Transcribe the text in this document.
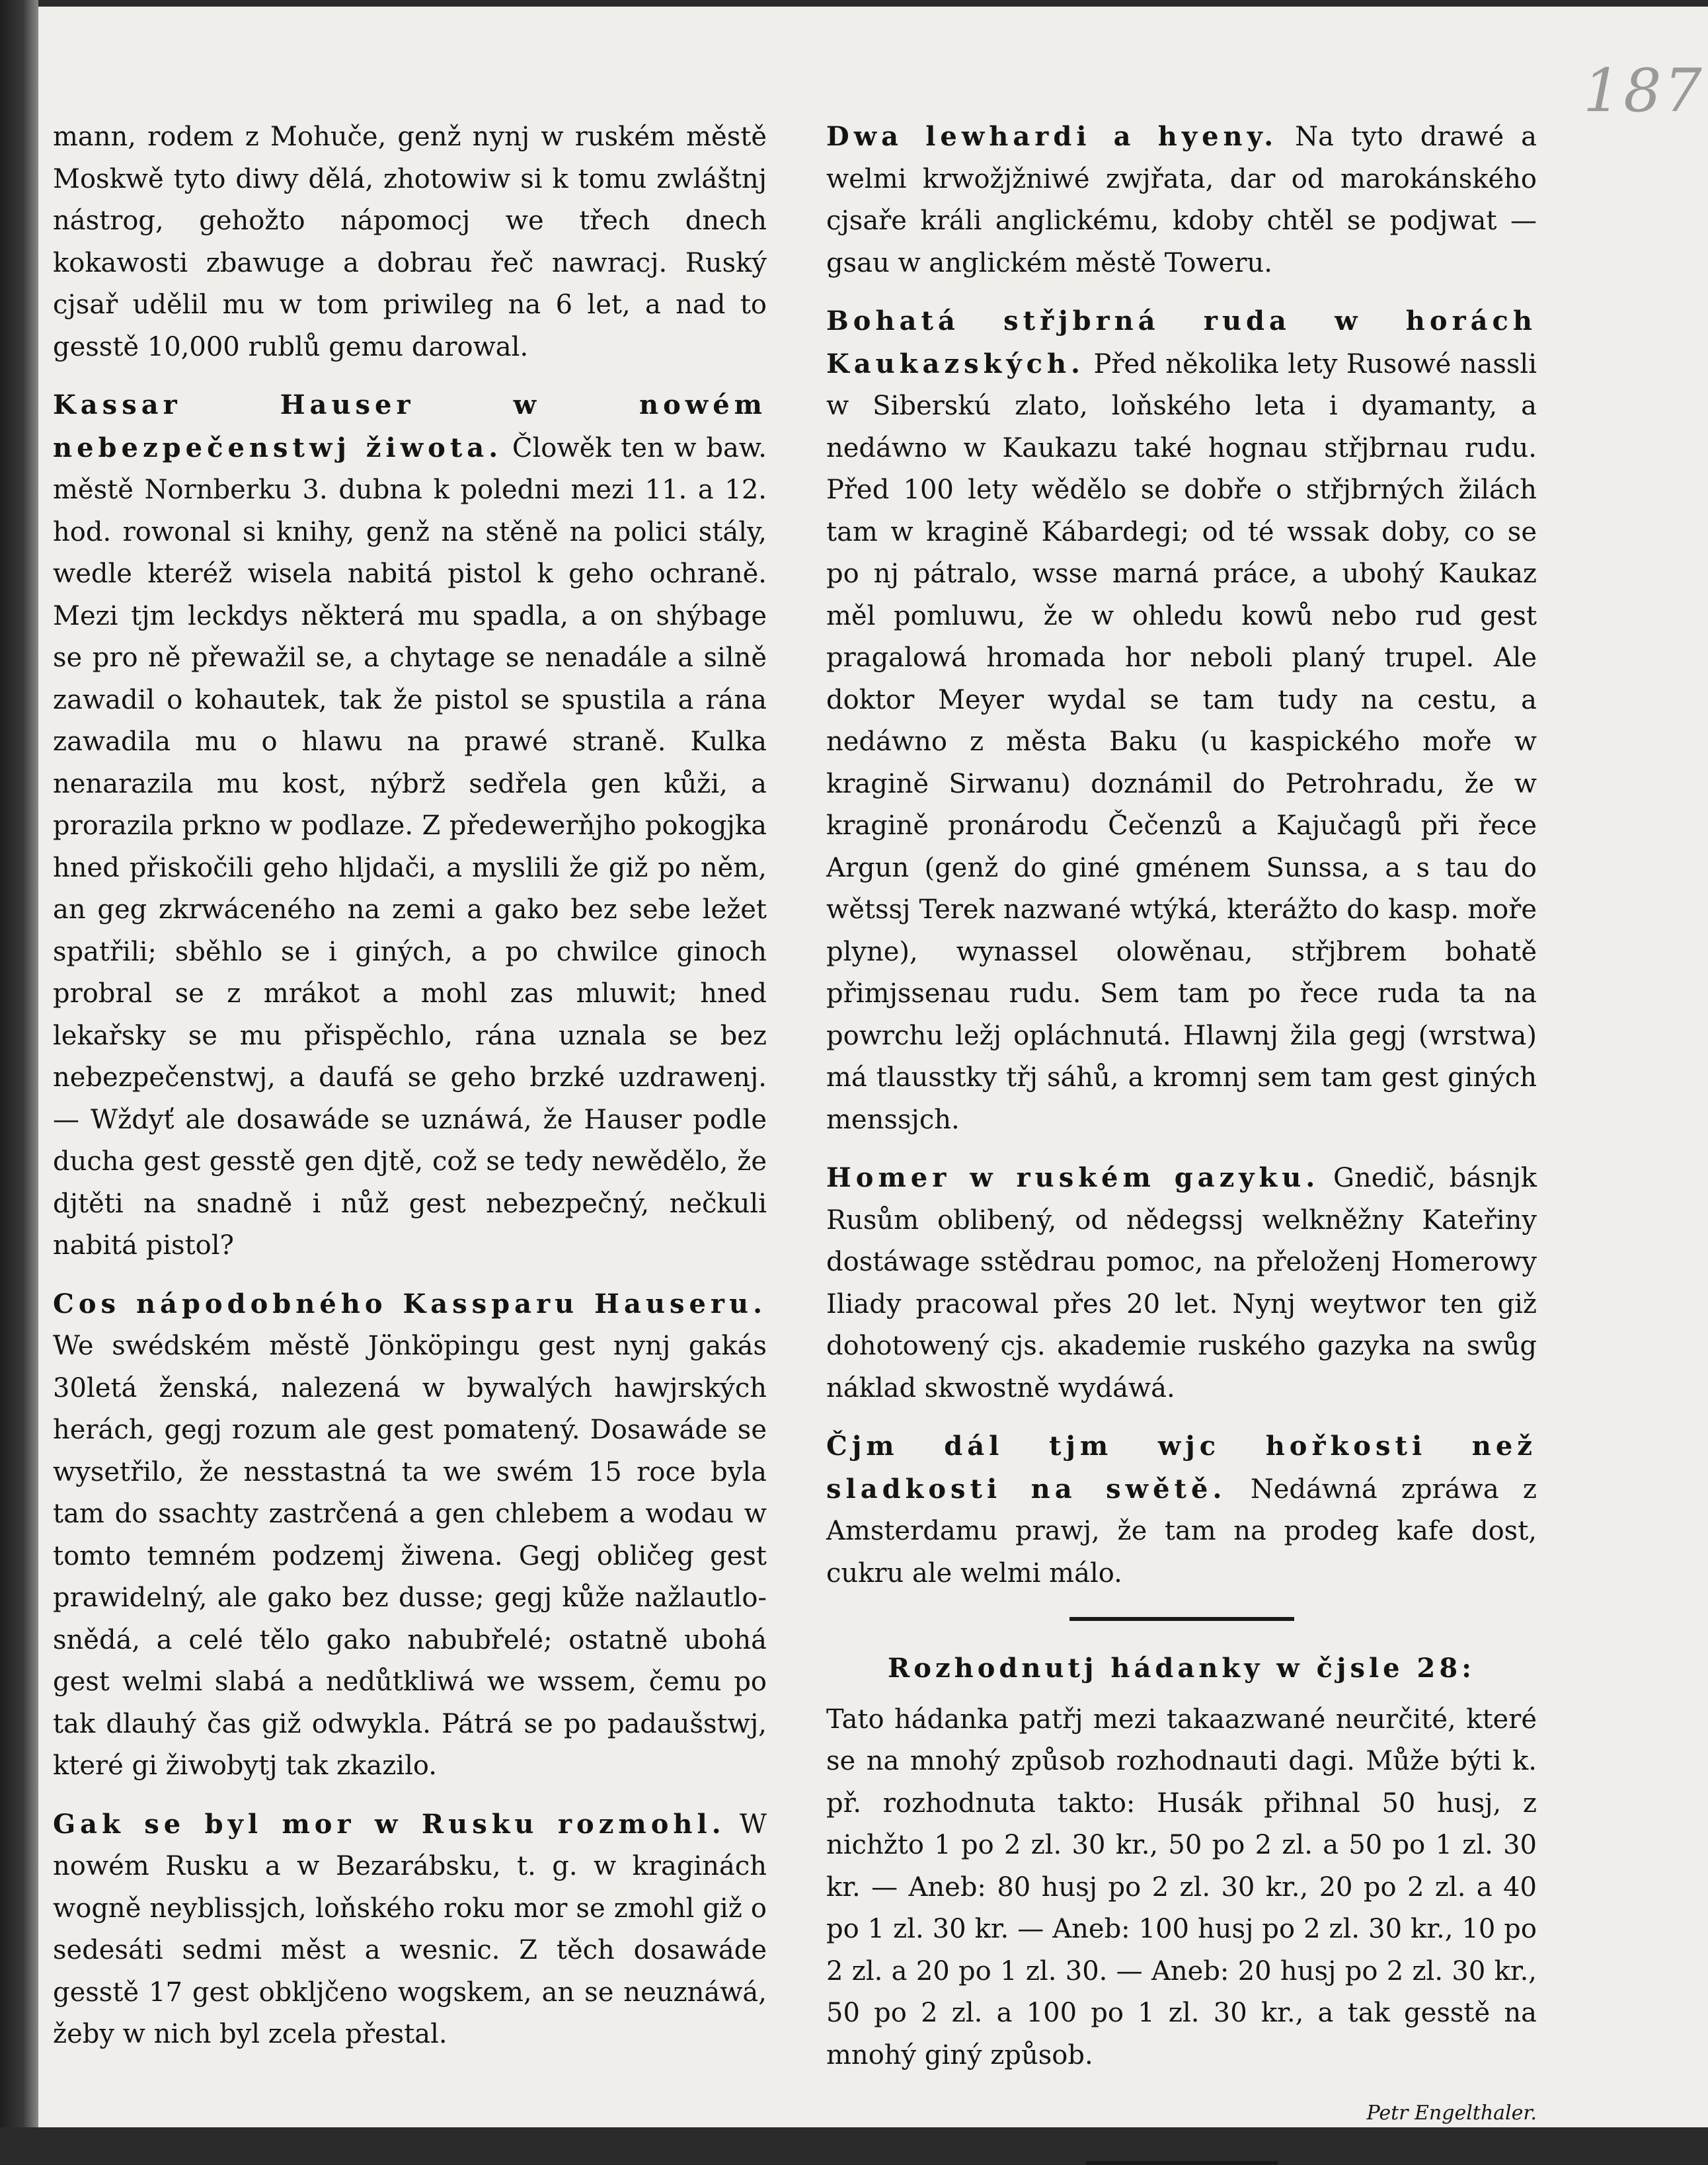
187

mann, rodem z Mohuče, genž nynj w ruském městě Moskwě tyto diwy dělá, zhotowiw si k tomu zwláštnj nástrog, gehožto nápomocj we třech dnech kokawosti zbawuge a dobrau řeč nawracj. Ruský cjsař udělil mu w tom priwileg na 6 let, a nad to gesstě 10,000 rublů gemu darowal.

Kassar Hauser w nowém nebezpečenstwj žiwota. Člowěk ten w baw. městě Nornberku 3. dubna k poledni mezi 11. a 12. hod. rowonal si knihy, genž na stěně na polici stály, wedle kteréž wisela nabitá pistol k geho ochraně. Mezi tjm leckdys některá mu spadla, a on shýbage se pro ně přewažil se, a chytage se nenadále a silně zawadil o kohautek, tak že pistol se spustila a rána zawadila mu o hlawu na prawé straně. Kulka nenarazila mu kost, nýbrž sedřela gen kůži, a prorazila prkno w podlaze. Z předewerňjho pokogjka hned přiskočili geho hljdači, a myslili že giž po něm, an geg zkrwáceného na zemi a gako bez sebe ležet spatřili; sběhlo se i giných, a po chwilce ginoch probral se z mrákot a mohl zas mluwit; hned lekařsky se mu přispěchlo, rána uznala se bez nebezpečenstwj, a daufá se geho brzké uzdrawenj. — Wždyť ale dosawáde se uznáwá, že Hauser podle ducha gest gesstě gen djtě, což se tedy newědělo, že djtěti na snadně i nůž gest nebezpečný, nečkuli nabitá pistol?

Cos nápodobného Kassparu Hauseru. We swédském městě Jönköpingu gest nynj gakás 30letá ženská, nalezená w bywalých hawjrských herách, gegj rozum ale gest pomatený. Dosawáde se wysetřilo, že nesstastná ta we swém 15 roce byla tam do ssachty zastrčená a gen chlebem a wodau w tomto temném podzemj žiwena. Gegj obličeg gest prawidelný, ale gako bez dusse; gegj kůže nažlautlo-snědá, a celé tělo gako nabubřelé; ostatně ubohá gest welmi slabá a nedůtkliwá we wssem, čemu po tak dlauhý čas giž odwykla. Pátrá se po padaušstwj, které gi žiwobytj tak zkazilo.

Gak se byl mor w Rusku rozmohl. W nowém Rusku a w Bezarábsku, t. g. w kraginách wogně neyblissjch, loňského roku mor se zmohl giž o sedesáti sedmi měst a wesnic. Z těch dosawáde gesstě 17 gest obkljčeno wogskem, an se neuznáwá, žeby w nich byl zcela přestal.

Dwa lewhardi a hyeny. Na tyto drawé a welmi krwožjžniwé zwjřata, dar od marokánského cjsaře králi anglickému, kdoby chtěl se podjwat — gsau w anglickém městě Toweru.

Bohatá střjbrná ruda w horách Kaukazských. Před několika lety Rusowé nassli w Siberskú zlato, loňského leta i dyamanty, a nedáwno w Kaukazu také hognau střjbrnau rudu. Před 100 lety wědělo se dobře o střjbrných žilách tam w kragině Kábardegi; od té wssak doby, co se po nj pátralo, wsse marná práce, a ubohý Kaukaz měl pomluwu, že w ohledu kowů nebo rud gest pragalowá hromada hor neboli planý trupel. Ale doktor Meyer wydal se tam tudy na cestu, a nedáwno z města Baku (u kaspického moře w kragině Sirwanu) doznámil do Petrohradu, že w kragině pronárodu Čečenzů a Kajučagů při řece Argun (genž do giné gménem Sunssa, a s tau do wětssj Terek nazwané wtýká, kterážto do kasp. moře plyne), wynassel olowěnau, střjbrem bohatě přimjssenau rudu. Sem tam po řece ruda ta na powrchu ležj opláchnutá. Hlawnj žila gegj (wrstwa) má tlausstky třj sáhů, a kromnj sem tam gest giných menssjch.

Homer w ruském gazyku. Gnedič, básnjk Rusům oblibený, od nědegssj welkněžny Kateřiny dostáwage sstědrau pomoc, na přeloženj Homerowy Iliady pracowal přes 20 let. Nynj weytwor ten giž dohotowený cjs. akademie ruského gazyka na swůg náklad skwostně wydáwá.

Čjm dál tjm wjc hořkosti než sladkosti na swětě. Nedáwná zpráwa z Amsterdamu prawj, že tam na prodeg kafe dost, cukru ale welmi málo.

Rozhodnutj hádanky w čjsle 28:

Tato hádanka patřj mezi takaazwané neurčité, které se na mnohý způsob rozhodnauti dagi. Může býti k. př. rozhodnuta takto: Husák přihnal 50 husj, z nichžto 1 po 2 zl. 30 kr., 50 po 2 zl. a 50 po 1 zl. 30 kr. — Aneb: 80 husj po 2 zl. 30 kr., 20 po 2 zl. a 40 po 1 zl. 30 kr. — Aneb: 100 husj po 2 zl. 30 kr., 10 po 2 zl. a 20 po 1 zl. 30. — Aneb: 20 husj po 2 zl. 30 kr., 50 po 2 zl. a 100 po 1 zl. 30 kr., a tak gesstě na mnohý giný způsob.

Petr Engelthaler.
